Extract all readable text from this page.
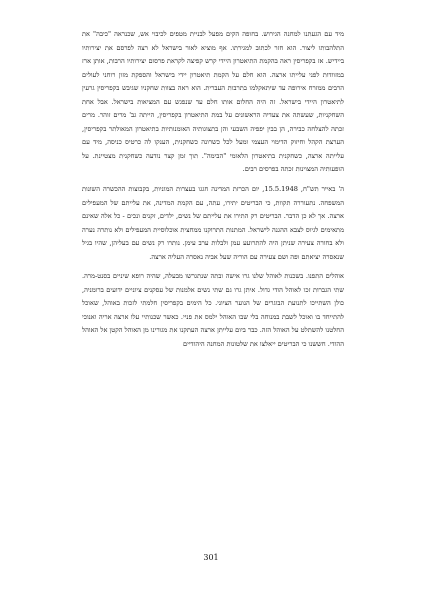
מיד עם הגעתנו למחנה הגירוש. בחופה הקים מפעל לבניית מטפים לכיבוי אש, שכנראה "כיבה" את התלהבותו ליצור. הוא חזר לכתוב למגירתו. אף מוציא לאור בישראל לא רצה לפרסם את יצירותיו ביידיש. אז בקפריסין ראה בהקמת התיאטרון היידי קרש קפיצה לקראת פרסום יצירותיו הרבות, אותן ארז במזוודות לפני עלייתו ארצה. הוא חלם על הקמת תיאטרון יידי בישראל והספקת מזון רוחני לעולים הרבים ממזרח אירופה עד שיתאקלמו בתרבות העברית. הוא ראה בצוות שחקניו שגיבש בקפריסין גרעין לתיאטרון היידי בישראל. זה היה החלום אותו חלם עד שנפגש עם המציאות בישראל. אבל אחת השחקניות, שעשתה את צעדיה הראשונים על במת התיאטרון בקפריסין, הייתה גב' מרים זוהר. מרים זכתה להצלחה כבירה, הן בבין יפפיה השבעי והן בתצוגותיה האומנותיות בתיאטרון המאולתר בקפריסין, הערצת הקהל וחיזוק הדימוי העצמי ומעל לכל כשרונה כשחקנית, הענקו לה כרטיס כניסה, מיד עם עלייתה ארצה, כשחקנית בתיאטרון הלאומי "הבימה". תוך זמן קצר נודעה כשחקנית מצטיינת. על הופעותיה המצוינות זכתה בפרסים רבים.

ה' באייר תש"ח, 15.5.1948, יום הכרזת המדינה חגגו בעצרות המוניות, בקבוצות ההכשרה השונות המשפחה. נתעוררה תקוות, כי הבריטים יתירו, עתה, עם הקמת המדינה, את עלייתם של המעפילים ארצה. אך לא כן הדבר. הבריטים רק התירו את עלייתם של נשים, ילדים, זקנים ונכים - כל אלה שאינם מתאימים לגיוס לצבא ההגנה לישראל. המתנות התרוקנו ממחצית אוכלוסיית המעפילים ולא נותרה נערה ולא בחורה צעירה שניתן היה להתרועע עמן ולבלות ערב עימן. נותרו רק נשים עם בעליהן, שהיו בגיל שנאסרה יציאתם ופה ושם צעירה עם הוריה שעל אביה נאסרה העליה ארצה.

אוהלים התפנו. בשכנות לאוהל שלנו גרו אישה ובתה שנתגרשו מבעלה, שהיה רופא שיניים בסנט-מרה. שתי הגברות זכו לאוהל הודי גדול. איתן גרו גם שתי נשים אלמנות של עסקנים ציוניים ידועים ברומניה, כולן השתייכו לתנועת הבוגרים של הנוער הציוני. כל הימים בקפריסין חלמתי לזכות באוהל, שאוכל להתייחד בו ואוכל לשבת במנוחה בלי שבו האוהל ילמס את פניי. כאשר שכנותיי עלו ארצה אריה ואנוכי החלטנו להשתלט על האוהל הזה. כבר ביום עלייתן ארצה העתקנו את מגורינו מן האוהל הקטן אל האוהל ההודי. חששנו כי הבריטים ייאלצו את שלטונות המחנה היהודיים

301
